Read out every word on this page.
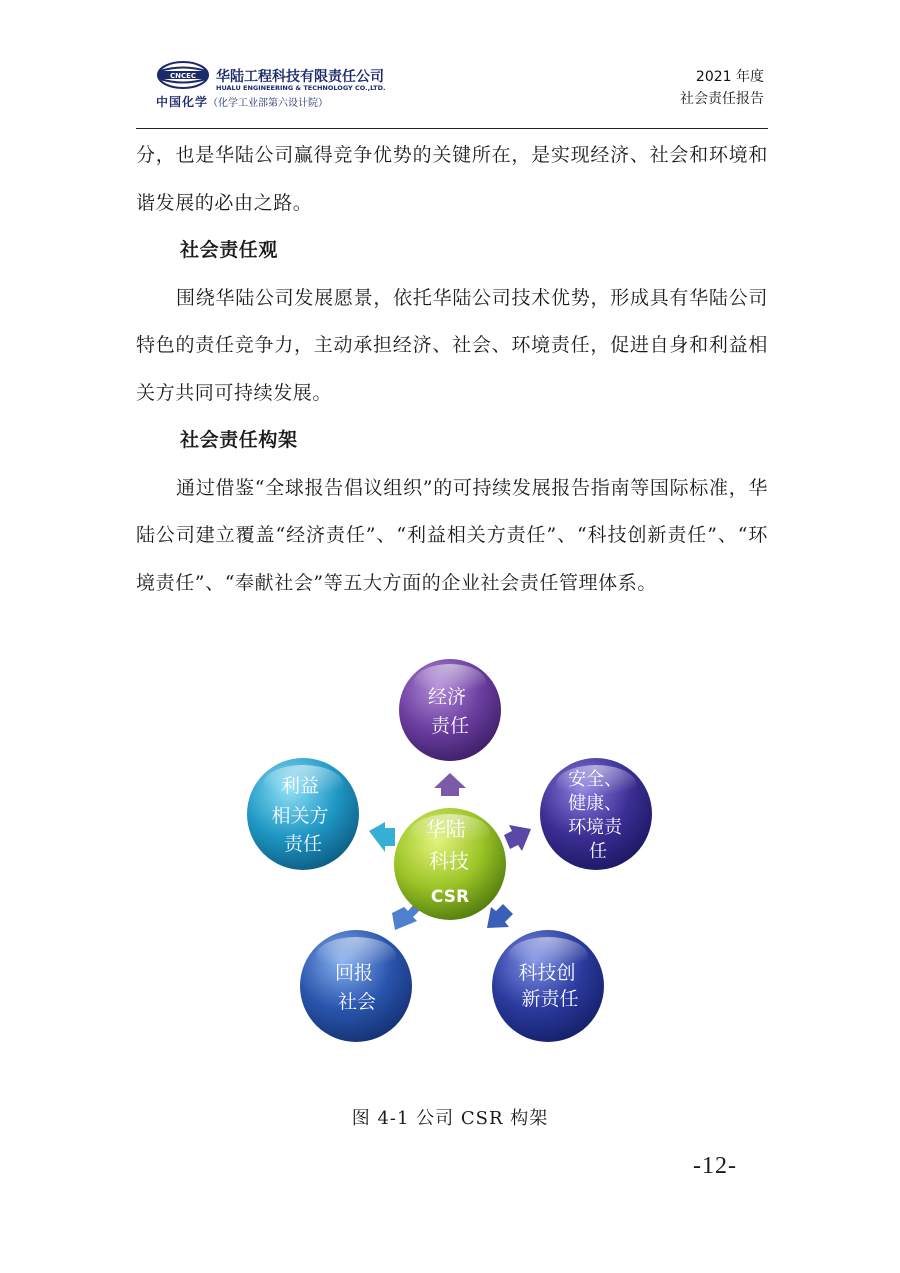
CNCEC
中国化学
华陆工程科技有限责任公司
HUALU ENGINEERING & TECHNOLOGY CO.,LTD.
（化学工业部第六设计院）
2021 年度
社会责任报告

分，也是华陆公司赢得竞争优势的关键所在，是实现经济、社会和环境和谐发展的必由之路。

社会责任观

围绕华陆公司发展愿景，依托华陆公司技术优势，形成具有华陆公司特色的责任竞争力，主动承担经济、社会、环境责任，促进自身和利益相关方共同可持续发展。

社会责任构架

通过借鉴“全球报告倡议组织”的可持续发展报告指南等国际标准，华陆公司建立覆盖“经济责任”、“利益相关方责任”、“科技创新责任”、“环境责任”、“奉献社会”等五大方面的企业社会责任管理体系。

经济 责任
安全、 健康、 环境责 任
科技创 新责任
回报 社会
利益 相关方 责任
华陆 科技
CSR
图 4-1 公司 CSR 构架
-12-
